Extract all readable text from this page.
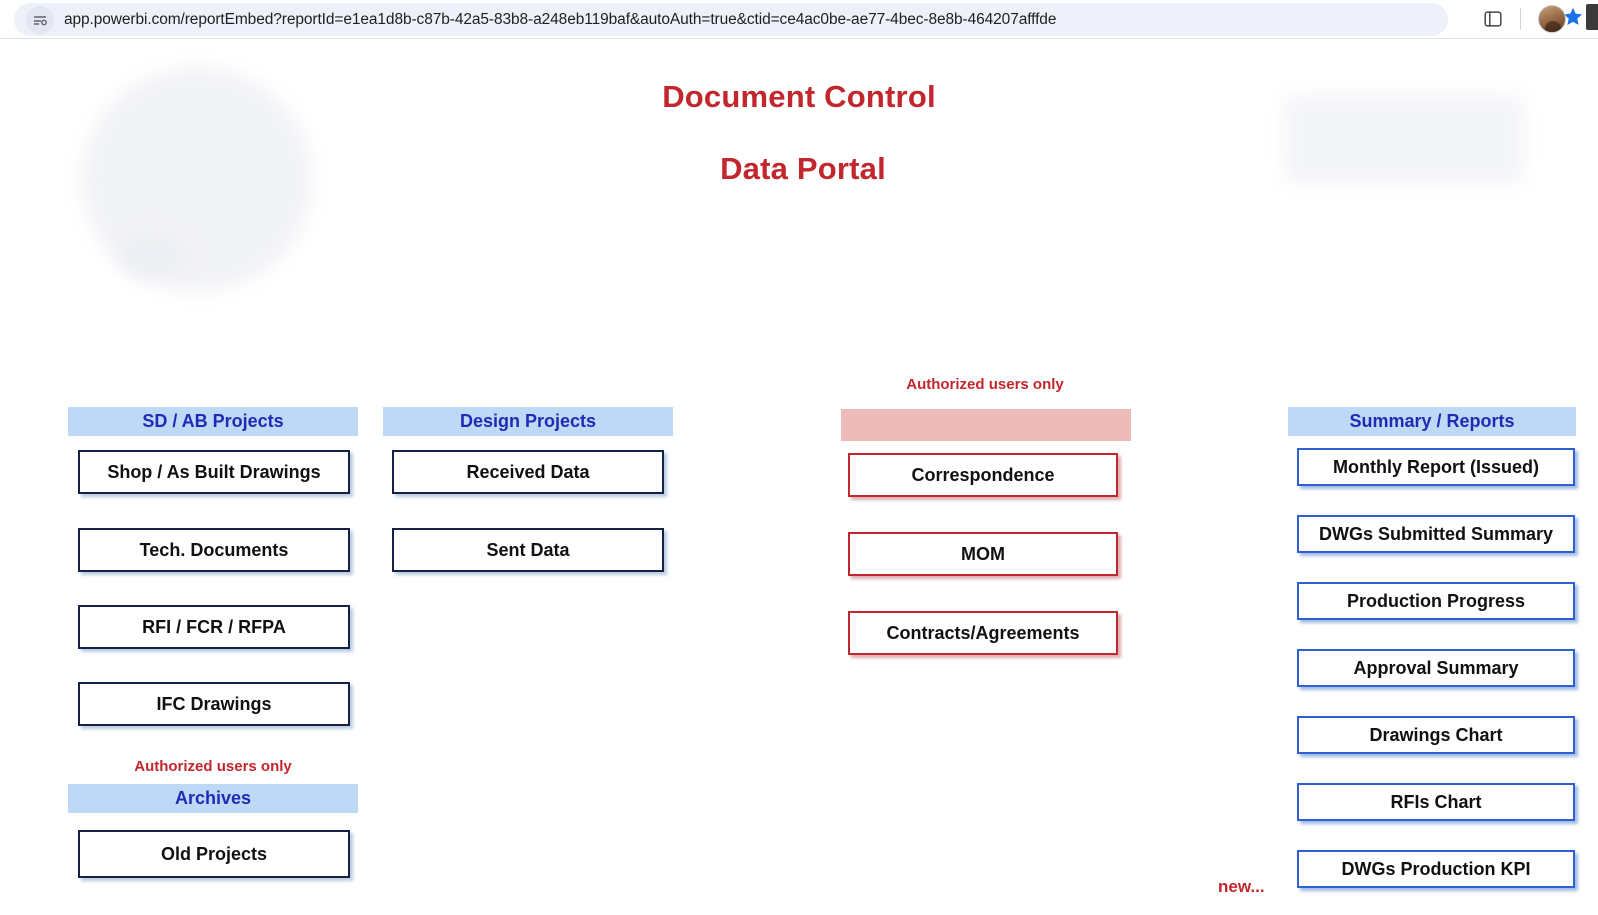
app.powerbi.com/reportEmbed?reportId=e1ea1d8b-c87b-42a5-83b8-a248eb119baf&autoAuth=true&ctid=ce4ac0be-ae77-4bec-8e8b-464207afffde
Document Control
Data Portal
SD / AB Projects
Shop / As Built Drawings
Tech. Documents
RFI / FCR / RFPA
IFC Drawings
Authorized users only
Archives
Old Projects
Design Projects
Received Data
Sent Data
Authorized users only
Correspondence
MOM
Contracts/Agreements
Summary / Reports
Monthly Report (Issued)
DWGs Submitted Summary
Production Progress
Approval Summary
Drawings Chart
RFIs Chart
new...
DWGs Production KPI
